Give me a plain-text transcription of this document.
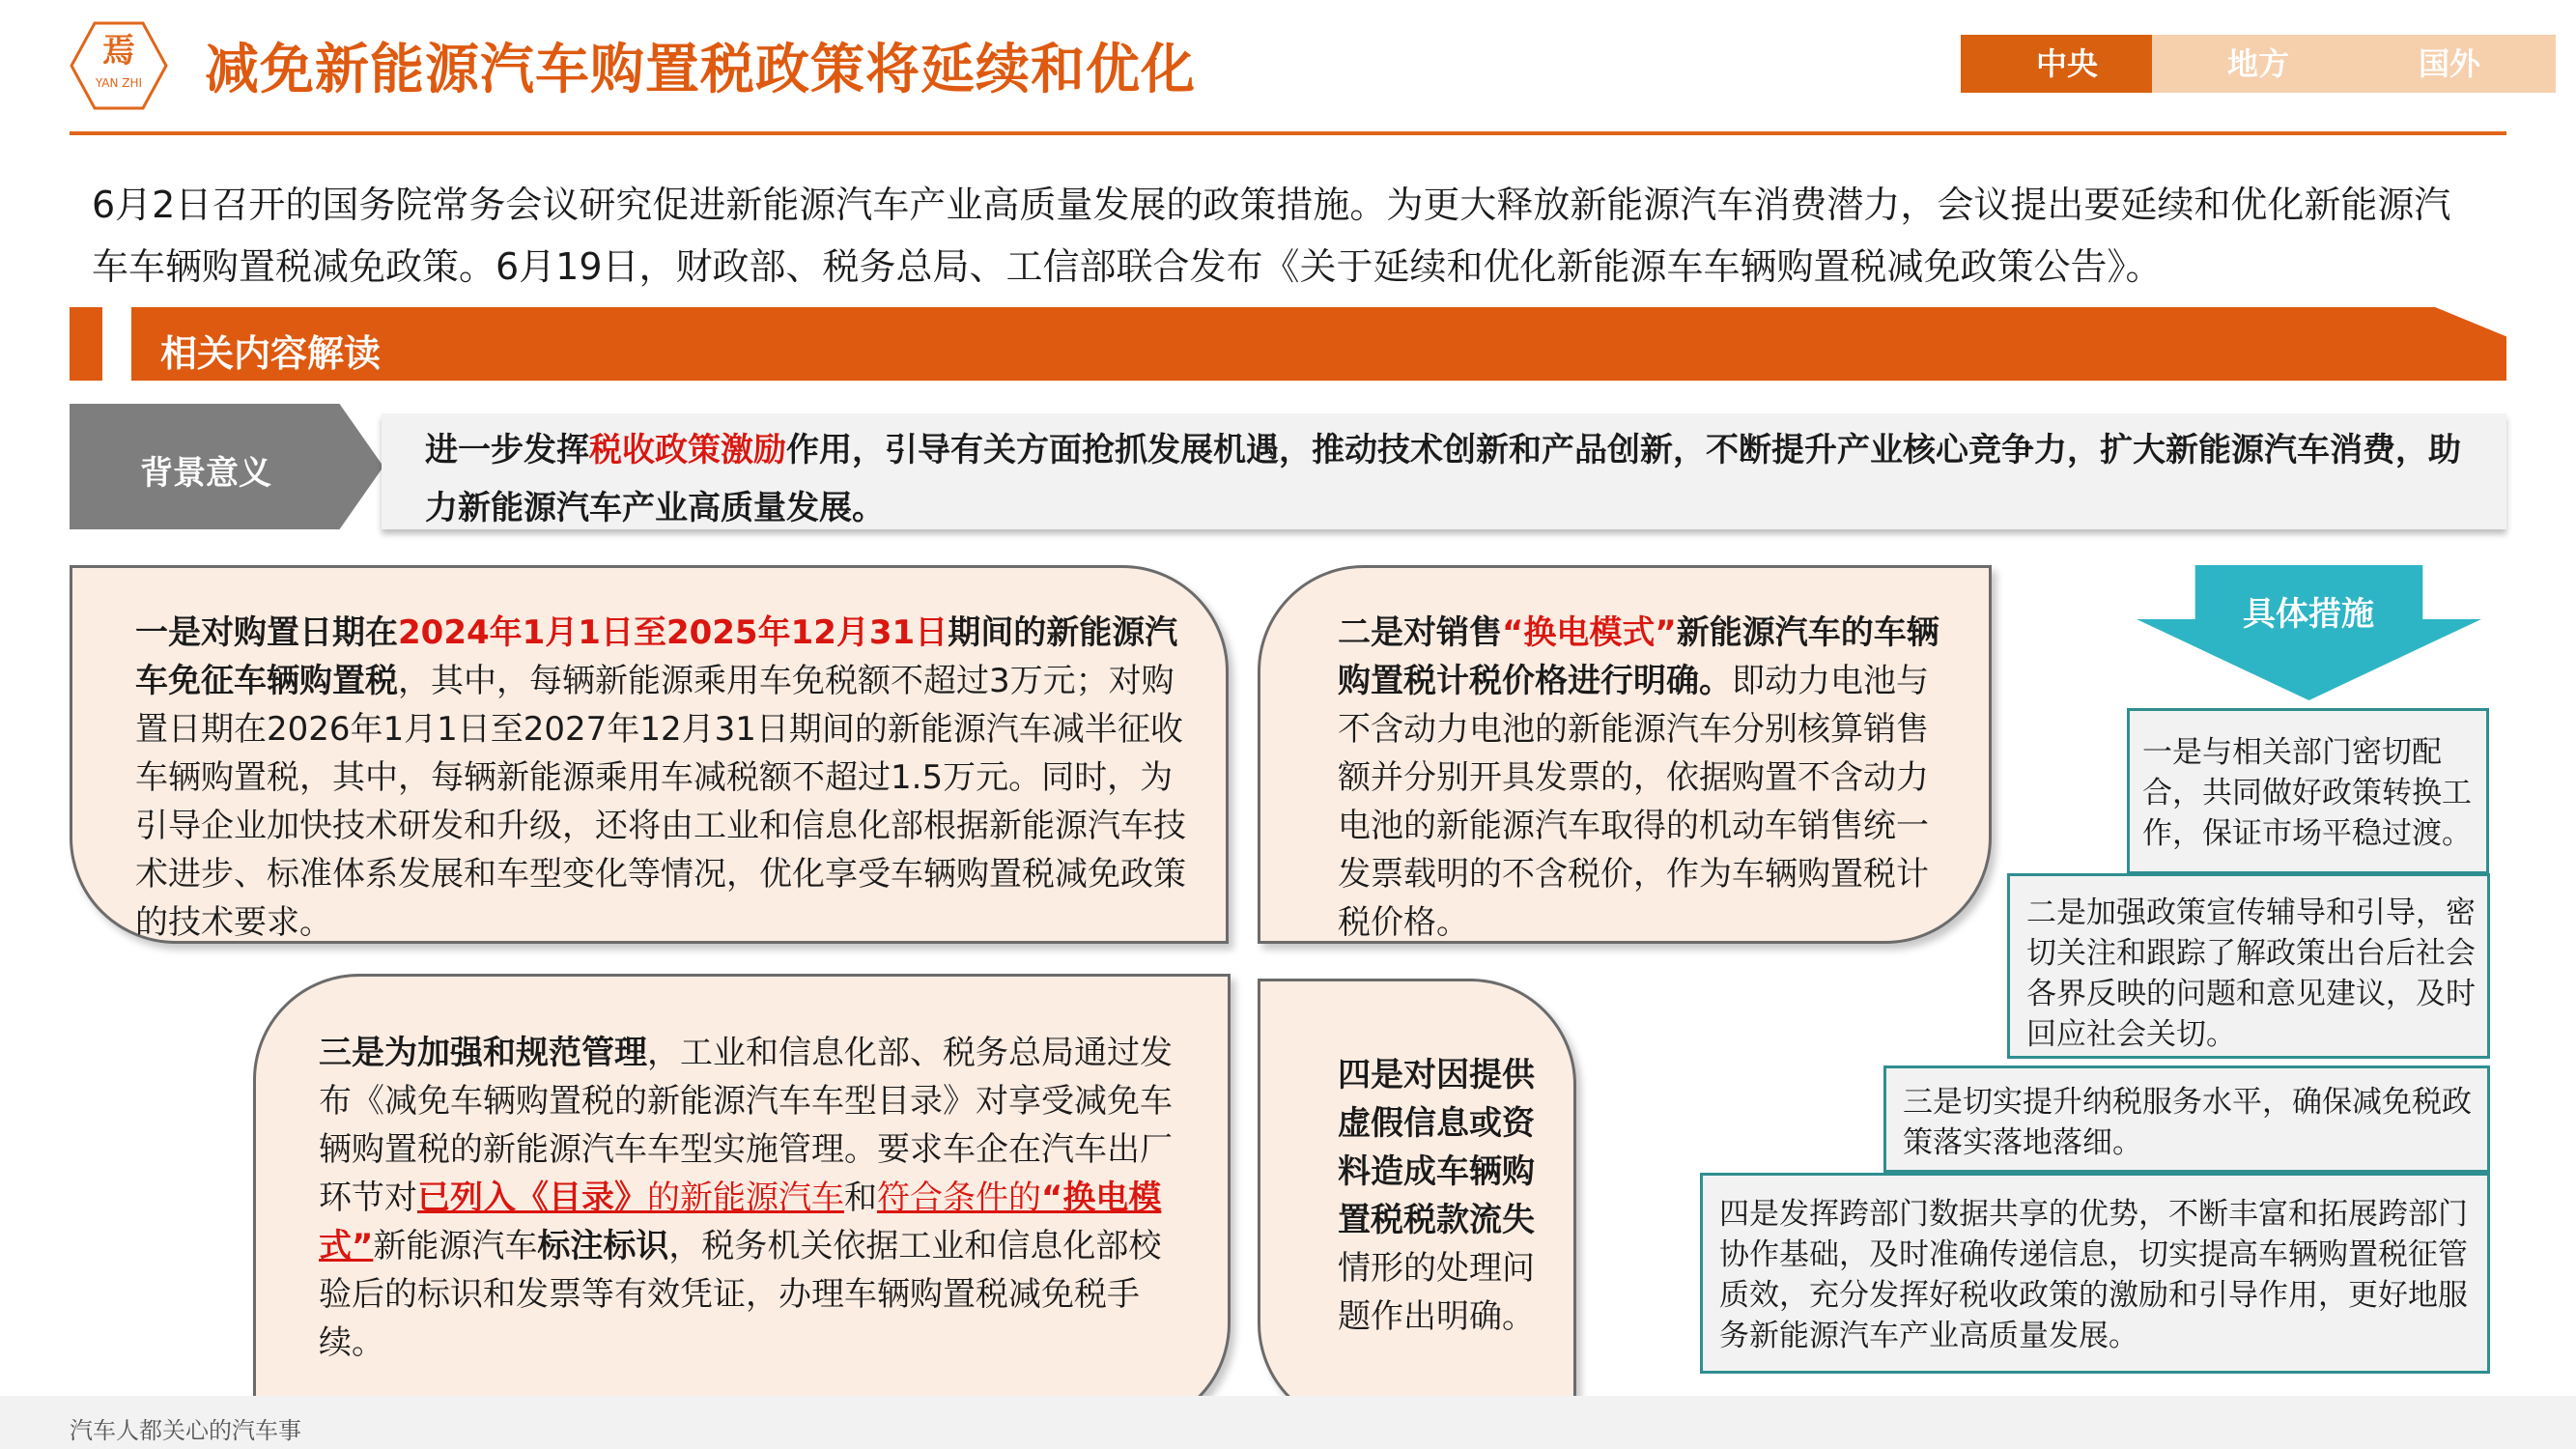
焉
YAN ZHI 减免新能源汽车购置税政策将延续和优化	中央	地方	国外
6月2日召开的国务院常务会议研究促进新能源汽车产业高质量发展的政策措施。为更大释放新能源汽车消费潜力，会议提出要延续和优化新能源汽车车辆购置税减免政策。6月19日，财政部、税务总局、工信部联合发布《关于延续和优化新能源车车辆购置税减免政策公告》。
相关内容解读
背景意义
进一步发挥税收政策激励作用，引导有关方面抢抓发展机遇，推动技术创新和产品创新，不断提升产业核心竞争力，扩大新能源汽车消费，助力新能源汽车产业高质量发展。
一是对购置日期在2024年1月1日至2025年12月31日期间的新能源汽车免征车辆购置税，其中，每辆新能源乘用车免税额不超过3万元；对购置日期在2026年1月1日至2027年12月31日期间的新能源汽车减半征收车辆购置税，其中，每辆新能源乘用车减税额不超过1.5万元。同时，为引导企业加快技术研发和升级，还将由工业和信息化部根据新能源汽车技术进步、标准体系发展和车型变化等情况，优化享受车辆购置税减免政策的技术要求。
二是对销售“换电模式”新能源汽车的车辆购置税计税价格进行明确。即动力电池与不含动力电池的新能源汽车分别核算销售额并分别开具发票的，依据购置不含动力电池的新能源汽车取得的机动车销售统一发票载明的不含税价，作为车辆购置税计税价格。
三是为加强和规范管理，工业和信息化部、税务总局通过发布《减免车辆购置税的新能源汽车车型目录》对享受减免车辆购置税的新能源汽车车型实施管理。要求车企在汽车出厂环节对已列入《目录》的新能源汽车和符合条件的“换电模式”新能源汽车标注标识，税务机关依据工业和信息化部校验后的标识和发票等有效凭证，办理车辆购置税减免税手续。
四是对因提供虚假信息或资料造成车辆购置税税款流失情形的处理问题作出明确。
具体措施
一是与相关部门密切配合，共同做好政策转换工作，保证市场平稳过渡。
二是加强政策宣传辅导和引导，密切关注和跟踪了解政策出台后社会各界反映的问题和意见建议，及时回应社会关切。
三是切实提升纳税服务水平，确保减免税政策落实落地落细。
四是发挥跨部门数据共享的优势，不断丰富和拓展跨部门协作基础，及时准确传递信息，切实提高车辆购置税征管质效，充分发挥好税收政策的激励和引导作用，更好地服务新能源汽车产业高质量发展。
汽车人都关心的汽车事
